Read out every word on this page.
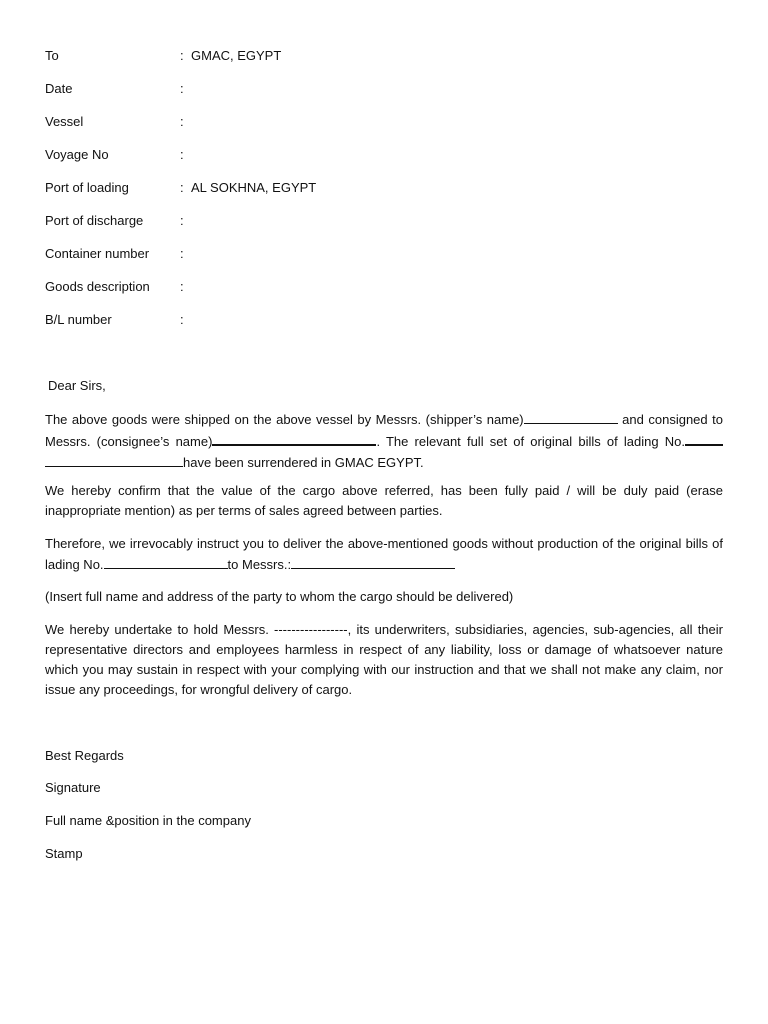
To	: GMAC, EGYPT
Date	:
Vessel	:
Voyage No	:
Port of loading	: AL SOKHNA, EGYPT
Port of discharge	:
Container number :
Goods description :
B/L number	:
Dear Sirs,

The above goods were shipped on the above vessel by Messrs. (shipper’s name)	and consigned to Messrs. (consignee’s name)	. The relevant full set of original bills of lading No. have been surrendered in GMAC EGYPT.

We hereby confirm that the value of the cargo above referred, has been fully paid / will be duly paid (erase inappropriate mention) as per terms of sales agreed between parties.

Therefore, we irrevocably instruct you to deliver the above-mentioned goods without production of the original bills of lading No.	to Messrs.:

(Insert full name and address of the party to whom the cargo should be delivered)

We hereby undertake to hold Messrs. -----------------, its underwriters, subsidiaries, agencies, sub-agencies, all their representative directors and employees harmless in respect of any liability, loss or damage of whatsoever nature which you may sustain in respect with your complying with our instruction and that we shall not make any claim, nor issue any proceedings, for wrongful delivery of cargo.

Best Regards
Signature
Full name &position in the company
Stamp
